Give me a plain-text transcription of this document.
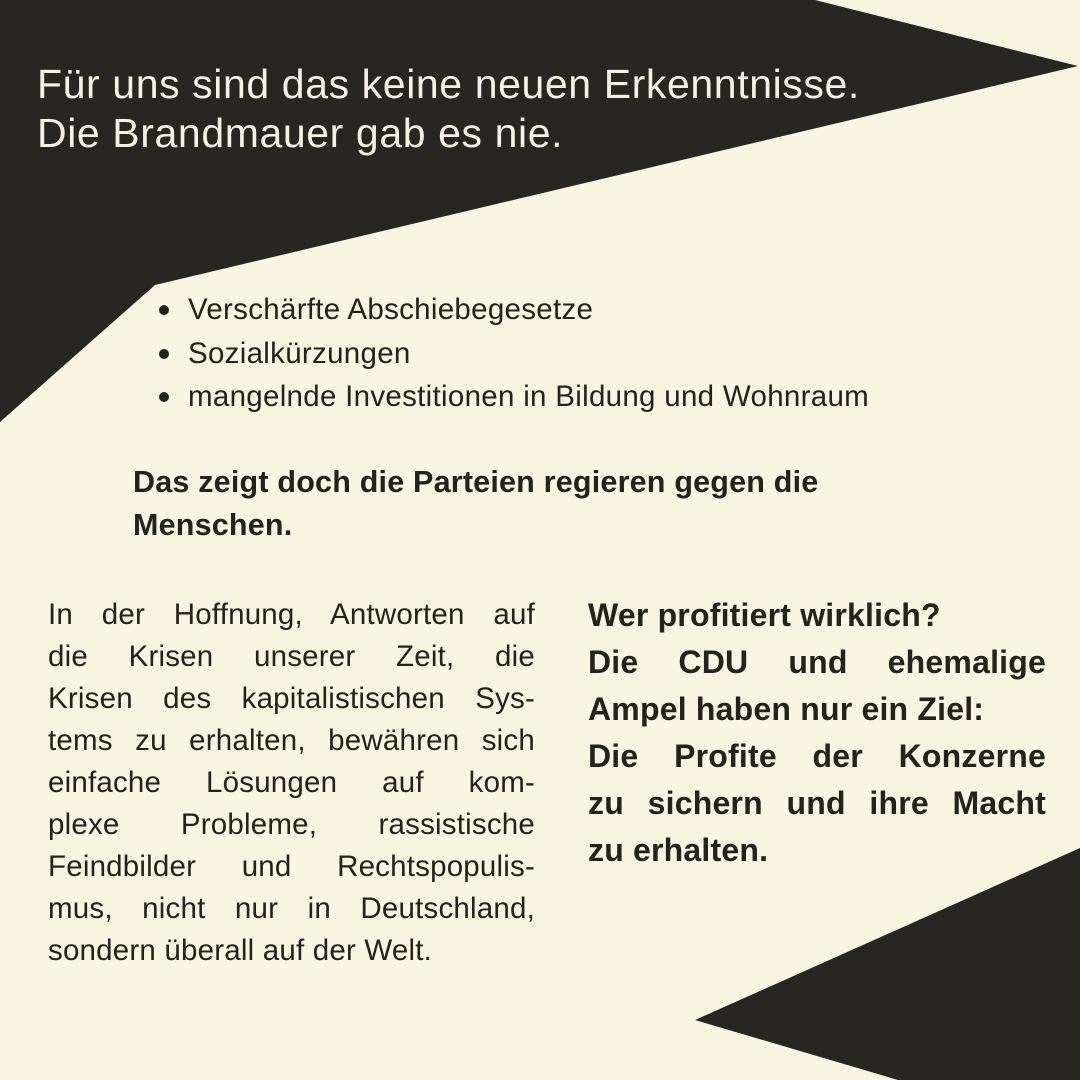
Für uns sind das keine neuen Erkenntnisse.
Die Brandmauer gab es nie.
Verschärfte Abschiebegesetze
Sozialkürzungen
mangelnde Investitionen in Bildung und Wohnraum
Das zeigt doch die Parteien regieren gegen die
Menschen.
In der Hoffnung, Antworten auf
die Krisen unserer Zeit, die
Krisen des kapitalistischen Sys-
tems zu erhalten, bewähren sich
einfache Lösungen auf kom-
plexe Probleme, rassistische
Feindbilder und Rechtspopulis-
mus, nicht nur in Deutschland,
sondern überall auf der Welt.
Wer profitiert wirklich?
Die CDU und ehemalige
Ampel haben nur ein Ziel:
Die Profite der Konzerne
zu sichern und ihre Macht
zu erhalten.
